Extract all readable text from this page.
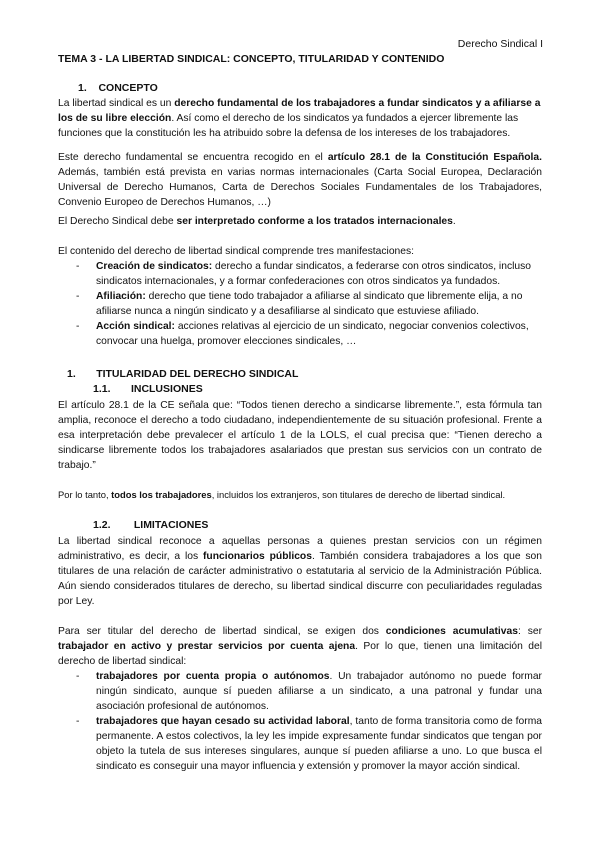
Derecho Sindical I
TEMA 3 - LA LIBERTAD SINDICAL: CONCEPTO, TITULARIDAD Y CONTENIDO
1. CONCEPTO
La libertad sindical es un derecho fundamental de los trabajadores a fundar sindicatos y a afiliarse a los de su libre elección. Así como el derecho de los sindicatos ya fundados a ejercer libremente las funciones que la constitución les ha atribuido sobre la defensa de los intereses de los trabajadores.
Este derecho fundamental se encuentra recogido en el artículo 28.1 de la Constitución Española. Además, también está prevista en varias normas internacionales (Carta Social Europea, Declaración Universal de Derecho Humanos, Carta de Derechos Sociales Fundamentales de los Trabajadores, Convenio Europeo de Derechos Humanos, …)
El Derecho Sindical debe ser interpretado conforme a los tratados internacionales.
El contenido del derecho de libertad sindical comprende tres manifestaciones:
- Creación de sindicatos: derecho a fundar sindicatos, a federarse con otros sindicatos, incluso sindicatos internacionales, y a formar confederaciones con otros sindicatos ya fundados.
- Afiliación: derecho que tiene todo trabajador a afiliarse al sindicato que libremente elija, a no afiliarse nunca a ningún sindicato y a desafiliarse al sindicato que estuviese afiliado.
- Acción sindical: acciones relativas al ejercicio de un sindicato, negociar convenios colectivos, convocar una huelga, promover elecciones sindicales, …
1. TITULARIDAD DEL DERECHO SINDICAL
1.1. INCLUSIONES
El artículo 28.1 de la CE señala que: “Todos tienen derecho a sindicarse libremente.”, esta fórmula tan amplia, reconoce el derecho a todo ciudadano, independientemente de su situación profesional. Frente a esa interpretación debe prevalecer el artículo 1 de la LOLS, el cual precisa que: “Tienen derecho a sindicarse libremente todos los trabajadores asalariados que prestan sus servicios con un contrato de trabajo.”
Por lo tanto, todos los trabajadores, incluidos los extranjeros, son titulares de derecho de libertad sindical.
1.2. LIMITACIONES
La libertad sindical reconoce a aquellas personas a quienes prestan servicios con un régimen administrativo, es decir, a los funcionarios públicos. También considera trabajadores a los que son titulares de una relación de carácter administrativo o estatutaria al servicio de la Administración Pública. Aún siendo considerados titulares de derecho, su libertad sindical discurre con peculiaridades reguladas por Ley.
Para ser titular del derecho de libertad sindical, se exigen dos condiciones acumulativas: ser trabajador en activo y prestar servicios por cuenta ajena. Por lo que, tienen una limitación del derecho de libertad sindical:
- trabajadores por cuenta propia o autónomos. Un trabajador autónomo no puede formar ningún sindicato, aunque sí pueden afiliarse a un sindicato, a una patronal y fundar una asociación profesional de autónomos.
- trabajadores que hayan cesado su actividad laboral, tanto de forma transitoria como de forma permanente. A estos colectivos, la ley les impide expresamente fundar sindicatos que tengan por objeto la tutela de sus intereses singulares, aunque sí pueden afiliarse a uno. Lo que busca el sindicato es conseguir una mayor influencia y extensión y promover la mayor acción sindical.
